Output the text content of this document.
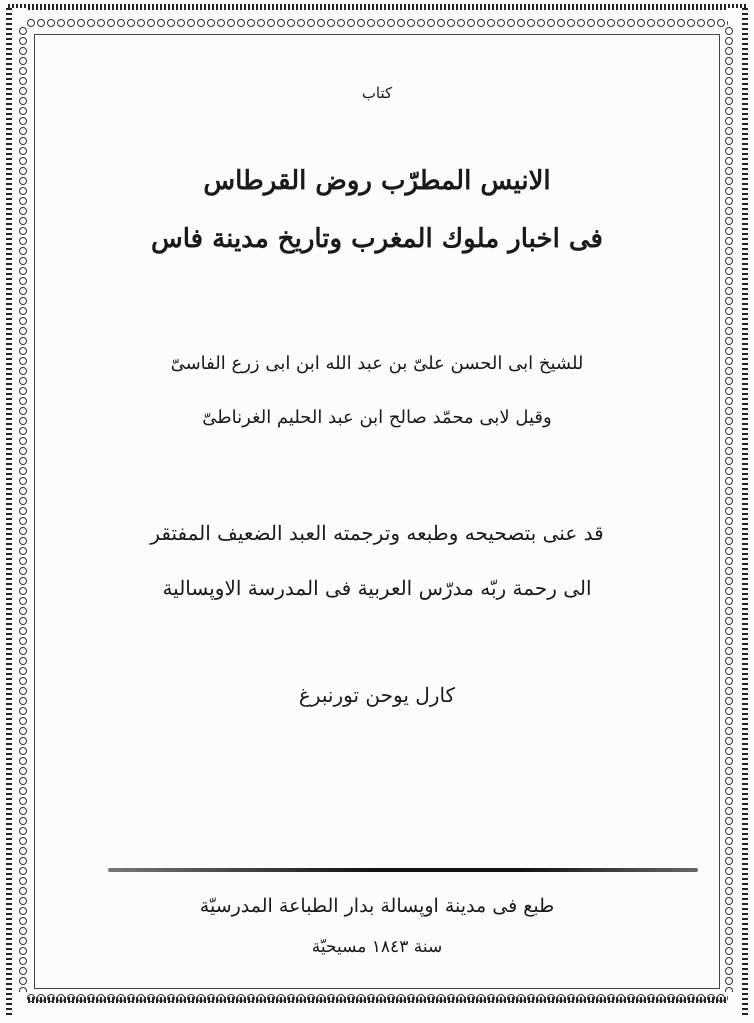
كتاب
الانيس المطرّب روض القرطاس
فى اخبار ملوك المغرب وتاريخ مدينة فاس
للشيخ ابى الحسن علىّ بن عبد الله ابن ابى زرع الفاسىّ
وقيل لابى محمّد صالح ابن عبد الحليم الغرناطىّ
قد عنى بتصحيحه وطبعه وترجمته العبد الضعيف المفتقر
الى رحمة ربّه مدرّس العربية فى المدرسة الاوپسالية
كارل يوحن تورنبرغ
طبع فى مدينة اوپسالة بدار الطباعة المدرسيّة
سنة ١٨٤٣ مسيحيّة
